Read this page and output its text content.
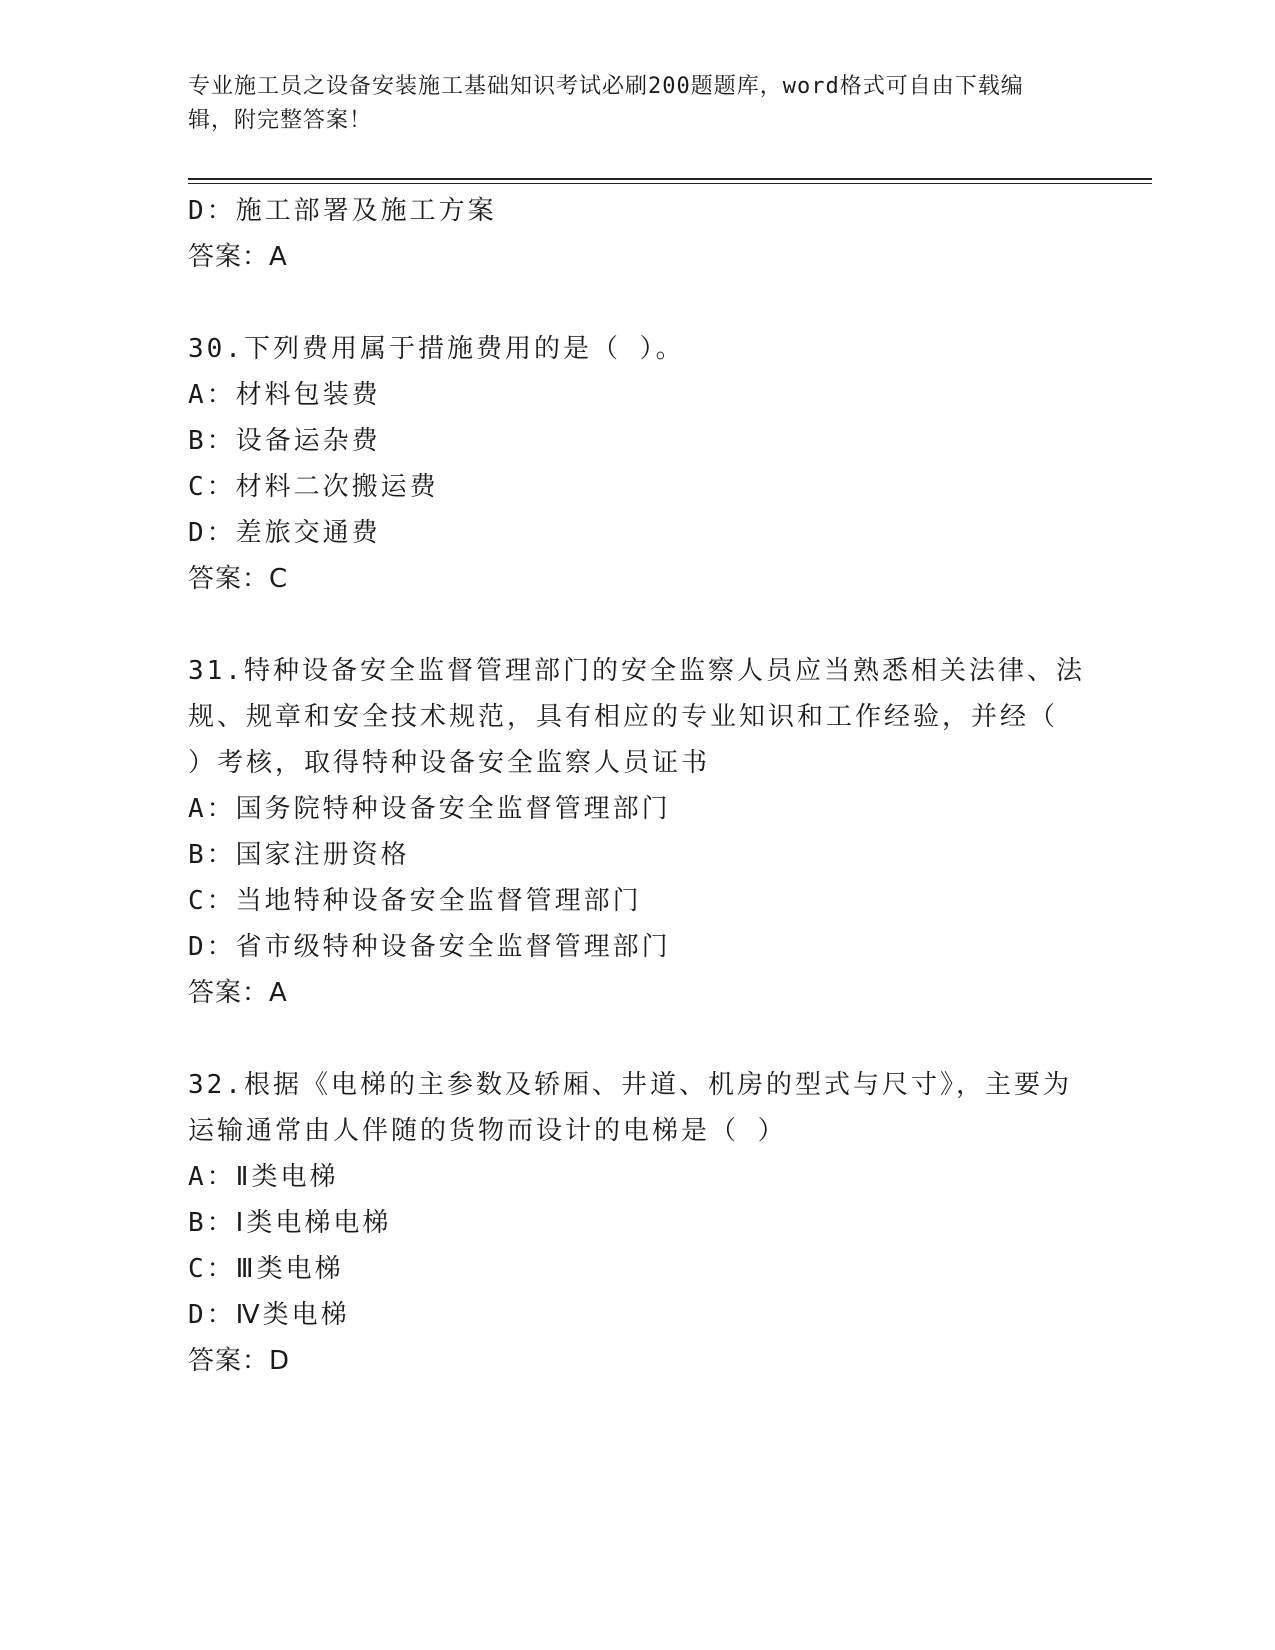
专业施工员之设备安装施工基础知识考试必刷200题题库，word格式可自由下载编辑，附完整答案！
D：施工部署及施工方案
答案：A
30.下列费用属于措施费用的是（ ）。
A：材料包装费
B：设备运杂费
C：材料二次搬运费
D：差旅交通费
答案：C
31.特种设备安全监督管理部门的安全监察人员应当熟悉相关法律、法规、规章和安全技术规范，具有相应的专业知识和工作经验，并经（ ）考核，取得特种设备安全监察人员证书
A：国务院特种设备安全监督管理部门
B：国家注册资格
C：当地特种设备安全监督管理部门
D：省市级特种设备安全监督管理部门
答案：A
32.根据《电梯的主参数及轿厢、井道、机房的型式与尺寸》，主要为运输通常由人伴随的货物而设计的电梯是（ ）
A：Ⅱ类电梯
B：Ⅰ类电梯电梯
C：Ⅲ类电梯
D：Ⅳ类电梯
答案：D
